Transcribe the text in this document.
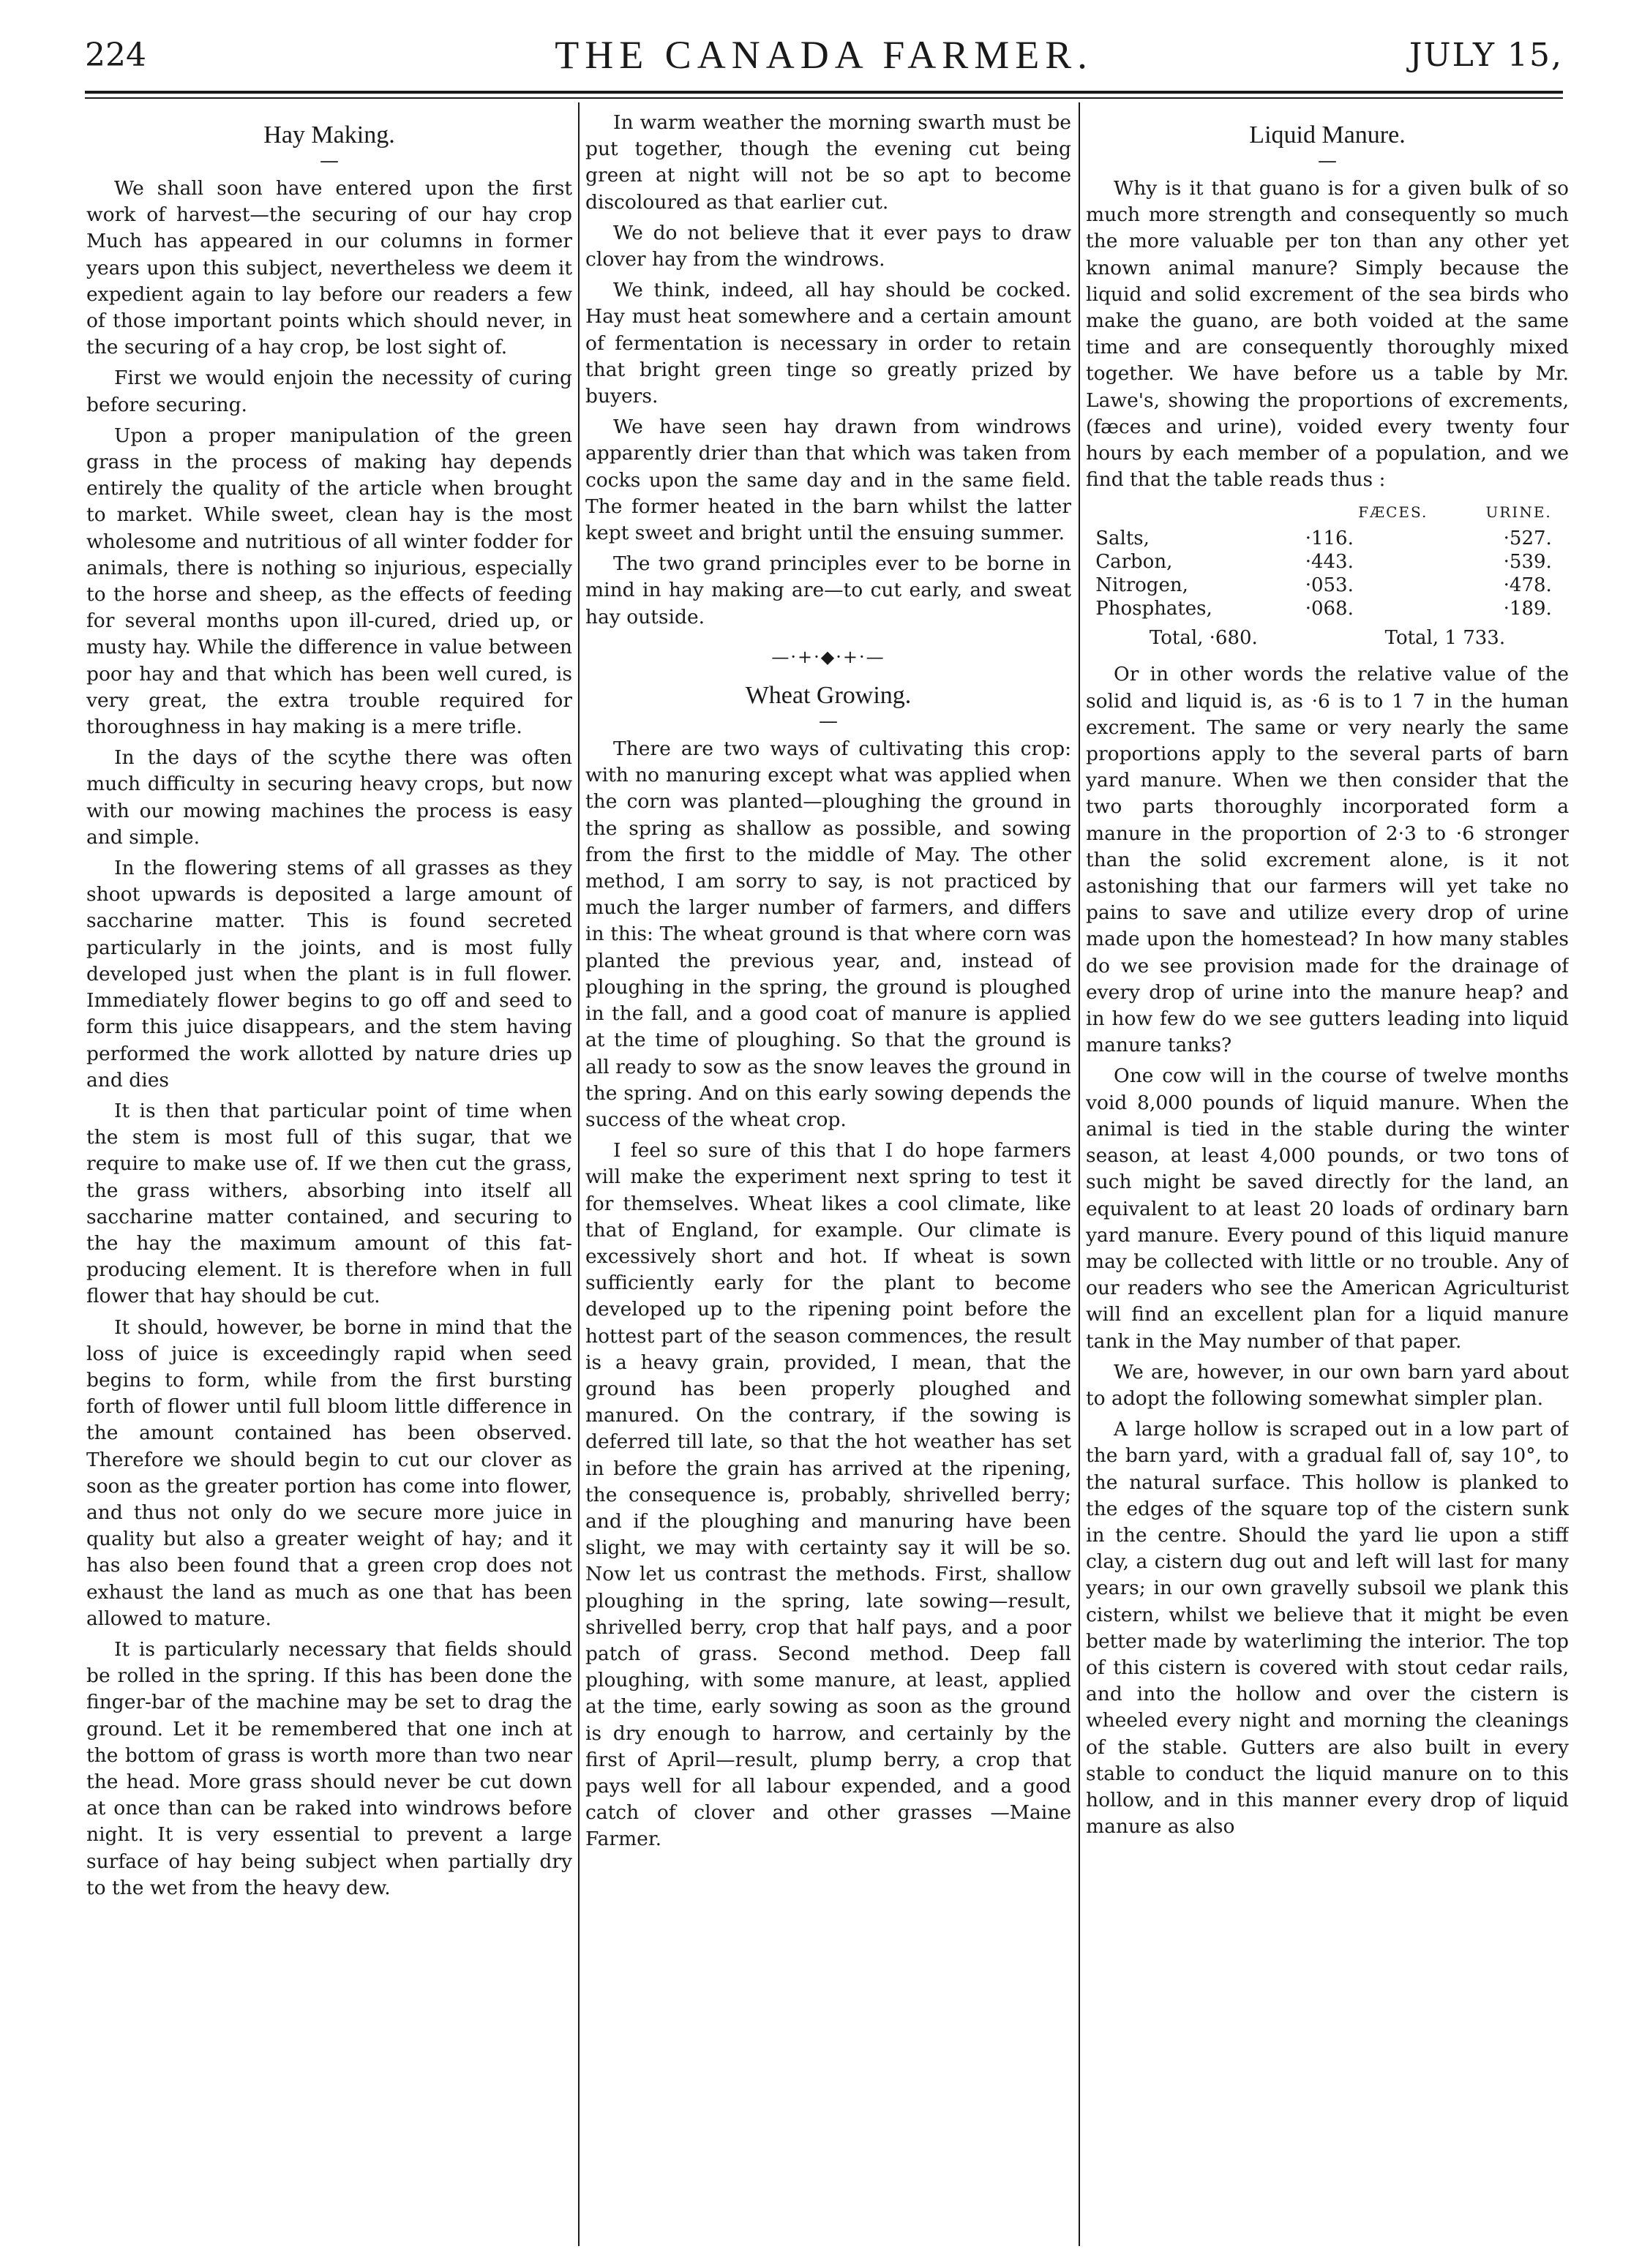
224	THE CANADA FARMER.	JULY 15,
Hay Making.
—

We shall soon have entered upon the first work of harvest—the securing of our hay crop Much has appeared in our columns in former years upon this subject, nevertheless we deem it expedient again to lay before our readers a few of those important points which should never, in the securing of a hay crop, be lost sight of.

First we would enjoin the necessity of curing before securing.

Upon a proper manipulation of the green grass in the process of making hay depends entirely the quality of the article when brought to market. While sweet, clean hay is the most wholesome and nutritious of all winter fodder for animals, there is nothing so injurious, especially to the horse and sheep, as the effects of feeding for several months upon ill-cured, dried up, or musty hay. While the difference in value between poor hay and that which has been well cured, is very great, the extra trouble required for thoroughness in hay making is a mere trifle.

In the days of the scythe there was often much difficulty in securing heavy crops, but now with our mowing machines the process is easy and simple.

In the flowering stems of all grasses as they shoot upwards is deposited a large amount of saccharine matter. This is found secreted particularly in the joints, and is most fully developed just when the plant is in full flower. Immediately flower begins to go off and seed to form this juice disappears, and the stem having performed the work allotted by nature dries up and dies

It is then that particular point of time when the stem is most full of this sugar, that we require to make use of. If we then cut the grass, the grass withers, absorbing into itself all saccharine matter contained, and securing to the hay the maximum amount of this fat-producing element. It is therefore when in full flower that hay should be cut.

It should, however, be borne in mind that the loss of juice is exceedingly rapid when seed begins to form, while from the first bursting forth of flower until full bloom little difference in the amount contained has been observed. Therefore we should begin to cut our clover as soon as the greater portion has come into flower, and thus not only do we secure more juice in quality but also a greater weight of hay; and it has also been found that a green crop does not exhaust the land as much as one that has been allowed to mature.

It is particularly necessary that fields should be rolled in the spring. If this has been done the finger-bar of the machine may be set to drag the ground. Let it be remembered that one inch at the bottom of grass is worth more than two near the head. More grass should never be cut down at once than can be raked into windrows before night. It is very essential to prevent a large surface of hay being subject when partially dry to the wet from the heavy dew.

In warm weather the morning swarth must be put together, though the evening cut being green at night will not be so apt to become discoloured as that earlier cut.

We do not believe that it ever pays to draw clover hay from the windrows.

We think, indeed, all hay should be cocked. Hay must heat somewhere and a certain amount of fermentation is necessary in order to retain that bright green tinge so greatly prized by buyers.

We have seen hay drawn from windrows apparently drier than that which was taken from cocks upon the same day and in the same field. The former heated in the barn whilst the latter kept sweet and bright until the ensuing summer.

The two grand principles ever to be borne in mind in hay making are—to cut early, and sweat hay outside.

—·+·◆·+·—
Wheat Growing.
—

There are two ways of cultivating this crop: with no manuring except what was applied when the corn was planted—ploughing the ground in the spring as shallow as possible, and sowing from the first to the middle of May. The other method, I am sorry to say, is not practiced by much the larger number of farmers, and differs in this: The wheat ground is that where corn was planted the previous year, and, instead of ploughing in the spring, the ground is ploughed in the fall, and a good coat of manure is applied at the time of ploughing. So that the ground is all ready to sow as the snow leaves the ground in the spring. And on this early sowing depends the success of the wheat crop.

I feel so sure of this that I do hope farmers will make the experiment next spring to test it for themselves. Wheat likes a cool climate, like that of England, for example. Our climate is excessively short and hot. If wheat is sown sufficiently early for the plant to become developed up to the ripening point before the hottest part of the season commences, the result is a heavy grain, provided, I mean, that the ground has been properly ploughed and manured. On the contrary, if the sowing is deferred till late, so that the hot weather has set in before the grain has arrived at the ripening, the consequence is, probably, shrivelled berry; and if the ploughing and manuring have been slight, we may with certainty say it will be so. Now let us contrast the methods. First, shallow ploughing in the spring, late sowing—result, shrivelled berry, crop that half pays, and a poor patch of grass. Second method. Deep fall ploughing, with some manure, at least, applied at the time, early sowing as soon as the ground is dry enough to harrow, and certainly by the first of April—result, plump berry, a crop that pays well for all labour expended, and a good catch of clover and other grasses —Maine Farmer.

Liquid Manure.
—

Why is it that guano is for a given bulk of so much more strength and consequently so much the more valuable per ton than any other yet known animal manure? Simply because the liquid and solid excrement of the sea birds who make the guano, are both voided at the same time and are consequently thoroughly mixed together. We have before us a table by Mr. Lawe's, showing the proportions of excrements, (fæces and urine), voided every twenty four hours by each member of a population, and we find that the table reads thus :

	FÆCES.	URINE.
Salts,	·116.	·527.
Carbon,	·443.	·539.
Nitrogen,	·053.	·478.
Phosphates,	·068.	·189.
Total, ·680.	Total, 1 733.

Or in other words the relative value of the solid and liquid is, as ·6 is to 1 7 in the human excrement. The same or very nearly the same proportions apply to the several parts of barn yard manure. When we then consider that the two parts thoroughly incorporated form a manure in the proportion of 2·3 to ·6 stronger than the solid excrement alone, is it not astonishing that our farmers will yet take no pains to save and utilize every drop of urine made upon the homestead? In how many stables do we see provision made for the drainage of every drop of urine into the manure heap? and in how few do we see gutters leading into liquid manure tanks?

One cow will in the course of twelve months void 8,000 pounds of liquid manure. When the animal is tied in the stable during the winter season, at least 4,000 pounds, or two tons of such might be saved directly for the land, an equivalent to at least 20 loads of ordinary barn yard manure. Every pound of this liquid manure may be collected with little or no trouble. Any of our readers who see the American Agriculturist will find an excellent plan for a liquid manure tank in the May number of that paper.

We are, however, in our own barn yard about to adopt the following somewhat simpler plan.

A large hollow is scraped out in a low part of the barn yard, with a gradual fall of, say 10°, to the natural surface. This hollow is planked to the edges of the square top of the cistern sunk in the centre. Should the yard lie upon a stiff clay, a cistern dug out and left will last for many years; in our own gravelly subsoil we plank this cistern, whilst we believe that it might be even better made by waterliming the interior. The top of this cistern is covered with stout cedar rails, and into the hollow and over the cistern is wheeled every night and morning the cleanings of the stable. Gutters are also built in every stable to conduct the liquid manure on to this hollow, and in this manner every drop of liquid manure as also
